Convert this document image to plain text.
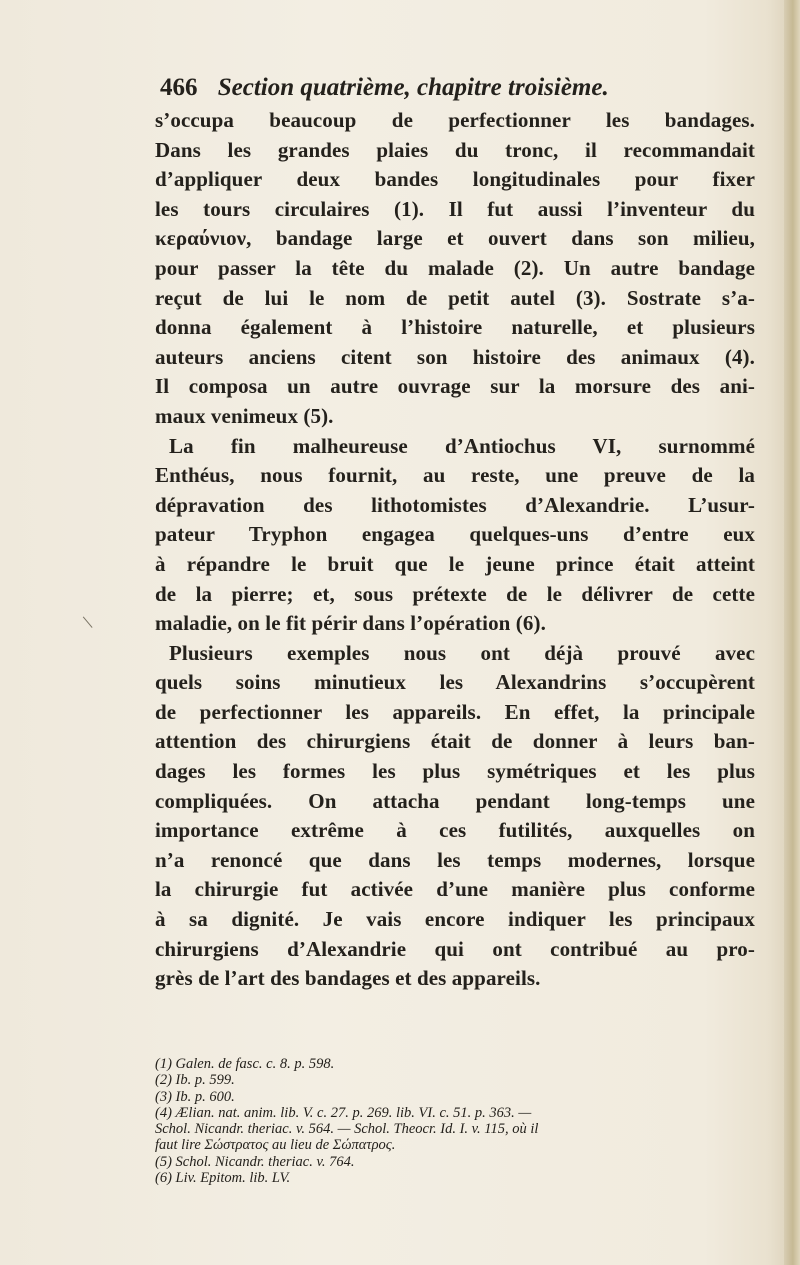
466 Section quatrième, chapitre troisième.
s’occupa beaucoup de perfectionner les bandages.
Dans les grandes plaies du tronc, il recommandait
d’appliquer deux bandes longitudinales pour fixer
les tours circulaires (1). Il fut aussi l’inventeur du
κεραύνιον, bandage large et ouvert dans son milieu,
pour passer la tête du malade (2). Un autre bandage
reçut de lui le nom de petit autel (3). Sostrate s’a-
donna également à l’histoire naturelle, et plusieurs
auteurs anciens citent son histoire des animaux (4).
Il composa un autre ouvrage sur la morsure des ani-
maux venimeux (5).
La fin malheureuse d’Antiochus VI, surnommé
Enthéus, nous fournit, au reste, une preuve de la
dépravation des lithotomistes d’Alexandrie. L’usur-
pateur Tryphon engagea quelques-uns d’entre eux
à répandre le bruit que le jeune prince était atteint
de la pierre; et, sous prétexte de le délivrer de cette
maladie, on le fit périr dans l’opération (6).
Plusieurs exemples nous ont déjà prouvé avec
quels soins minutieux les Alexandrins s’occupèrent
de perfectionner les appareils. En effet, la principale
attention des chirurgiens était de donner à leurs ban-
dages les formes les plus symétriques et les plus
compliquées. On attacha pendant long-temps une
importance extrême à ces futilités, auxquelles on
n’a renoncé que dans les temps modernes, lorsque
la chirurgie fut activée d’une manière plus conforme
à sa dignité. Je vais encore indiquer les principaux
chirurgiens d’Alexandrie qui ont contribué au pro-
grès de l’art des bandages et des appareils.
(1) Galen. de fasc. c. 8. p. 598.
(2) Ib. p. 599.
(3) Ib. p. 600.
(4) Ælian. nat. anim. lib. V. c. 27. p. 269. lib. VI. c. 51. p. 363. —
Schol. Nicandr. theriac. v. 564. — Schol. Theocr. Id. I. v. 115, où il
faut lire Σώστρατος au lieu de Σώπατρος.
(5) Schol. Nicandr. theriac. v. 764.
(6) Liv. Epitom. lib. LV.
